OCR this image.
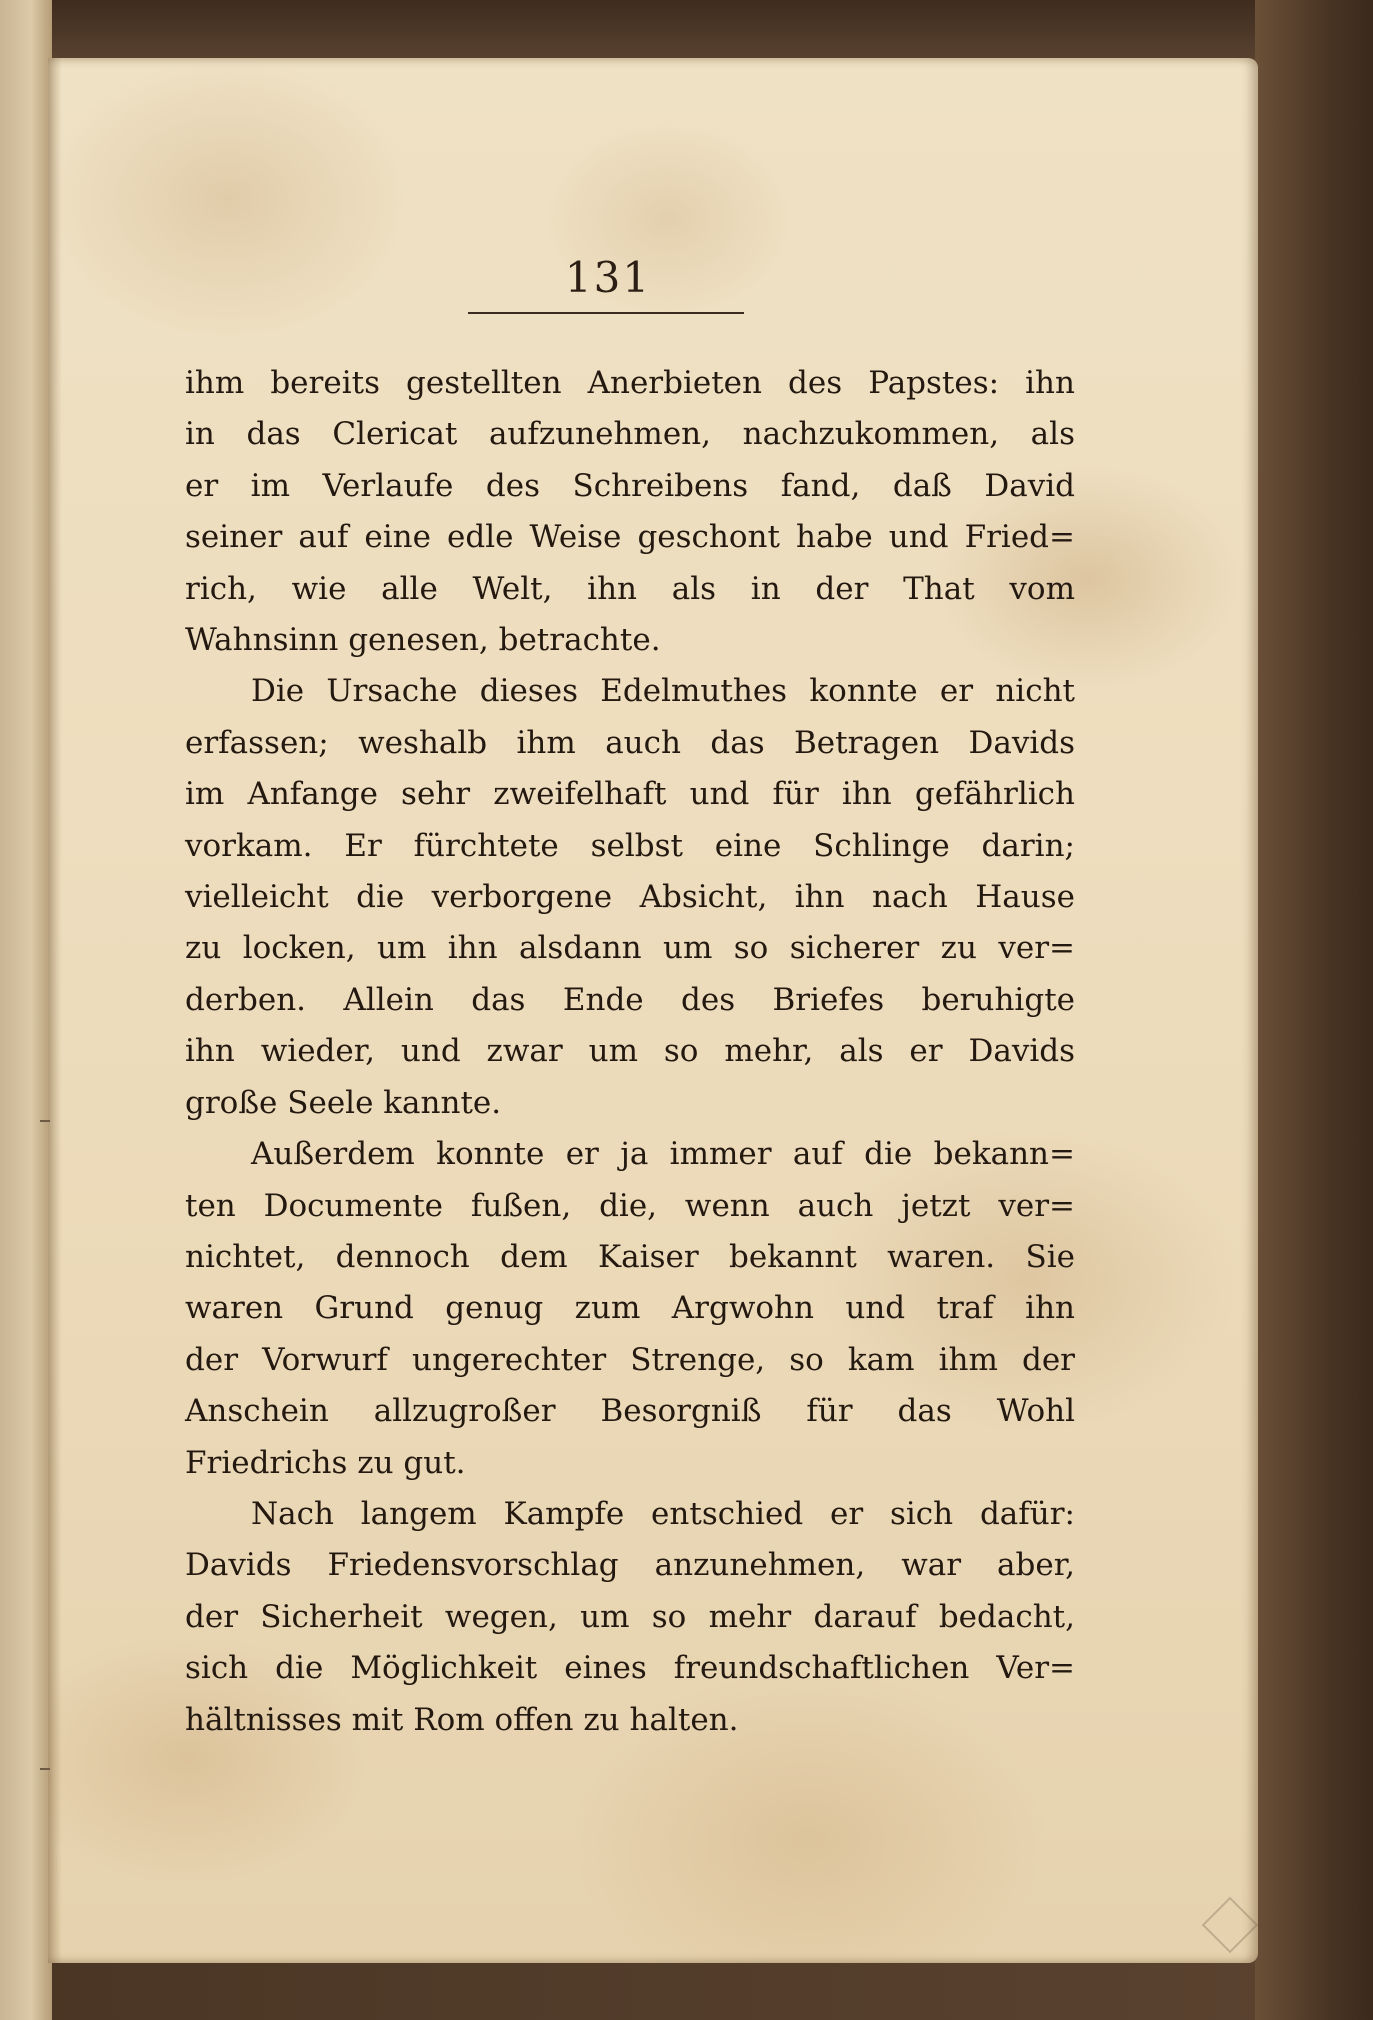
131
ihm bereits gestellten Anerbieten des Papstes: ihn
in das Clericat aufzunehmen, nachzukommen, als
er im Verlaufe des Schreibens fand, daß David
seiner auf eine edle Weise geschont habe und Fried=
rich, wie alle Welt, ihn als in der That vom
Wahnsinn genesen, betrachte.
Die Ursache dieses Edelmuthes konnte er nicht
erfassen; weshalb ihm auch das Betragen Davids
im Anfange sehr zweifelhaft und für ihn gefährlich
vorkam. Er fürchtete selbst eine Schlinge darin;
vielleicht die verborgene Absicht, ihn nach Hause
zu locken, um ihn alsdann um so sicherer zu ver=
derben. Allein das Ende des Briefes beruhigte
ihn wieder, und zwar um so mehr, als er Davids
große Seele kannte.
Außerdem konnte er ja immer auf die bekann=
ten Documente fußen, die, wenn auch jetzt ver=
nichtet, dennoch dem Kaiser bekannt waren. Sie
waren Grund genug zum Argwohn und traf ihn
der Vorwurf ungerechter Strenge, so kam ihm der
Anschein allzugroßer Besorgniß für das Wohl
Friedrichs zu gut.
Nach langem Kampfe entschied er sich dafür:
Davids Friedensvorschlag anzunehmen, war aber,
der Sicherheit wegen, um so mehr darauf bedacht,
sich die Möglichkeit eines freundschaftlichen Ver=
hältnisses mit Rom offen zu halten.
